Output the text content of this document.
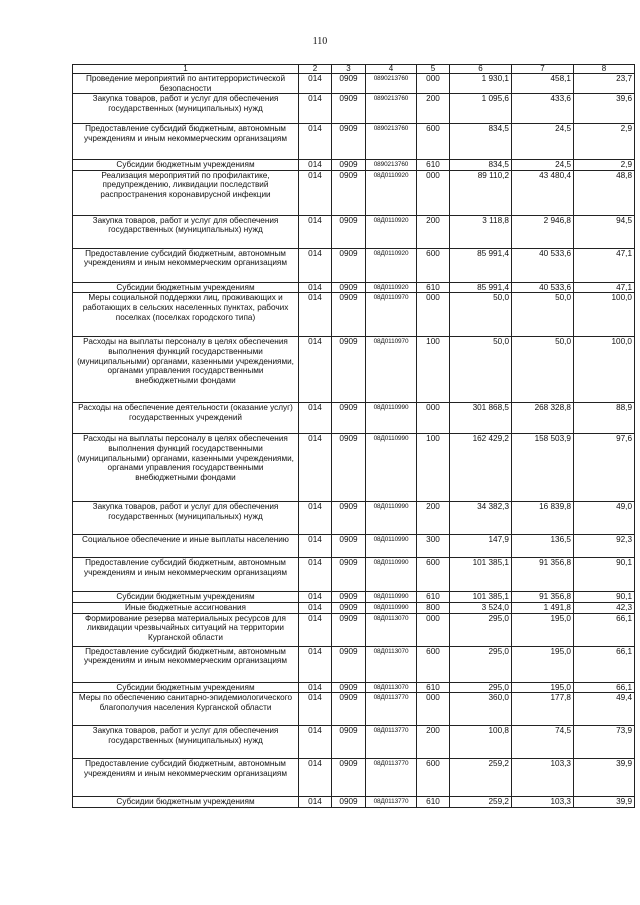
110
1	2	3	4	5	6	7	8
Проведение мероприятий по антитеррористической безопасности	014	0909	0890213760	000	1 930,1	458,1	23,7
Закупка товаров, работ и услуг для обеспечения государственных (муниципальных) нужд	014	0909	0890213760	200	1 095,6	433,6	39,6
Предоставление субсидий бюджетным, автономным учреждениям и иным некоммерческим организациям	014	0909	0890213760	600	834,5	24,5	2,9
Субсидии бюджетным учреждениям	014	0909	0890213760	610	834,5	24,5	2,9
Реализация мероприятий по профилактике, предупреждению, ликвидации последствий распространения коронавирусной инфекции	014	0909	08Д0110920	000	89 110,2	43 480,4	48,8
Закупка товаров, работ и услуг для обеспечения государственных (муниципальных) нужд	014	0909	08Д0110920	200	3 118,8	2 946,8	94,5
Предоставление субсидий бюджетным, автономным учреждениям и иным некоммерческим организациям	014	0909	08Д0110920	600	85 991,4	40 533,6	47,1
Субсидии бюджетным учреждениям	014	0909	08Д0110920	610	85 991,4	40 533,6	47,1
Меры социальной поддержки лиц, проживающих и работающих в сельских населенных пунктах, рабочих поселках (поселках городского типа)	014	0909	08Д0110970	000	50,0	50,0	100,0
Расходы на выплаты персоналу в целях обеспечения выполнения функций государственными (муниципальными) органами, казенными учреждениями, органами управления государственными внебюджетными фондами	014	0909	08Д0110970	100	50,0	50,0	100,0
Расходы на обеспечение деятельности (оказание услуг) государственных учреждений	014	0909	08Д0110990	000	301 868,5	268 328,8	88,9
Расходы на выплаты персоналу в целях обеспечения выполнения функций государственными (муниципальными) органами, казенными учреждениями, органами управления государственными внебюджетными фондами	014	0909	08Д0110990	100	162 429,2	158 503,9	97,6
Закупка товаров, работ и услуг для обеспечения государственных (муниципальных) нужд	014	0909	08Д0110990	200	34 382,3	16 839,8	49,0
Социальное обеспечение и иные выплаты населению	014	0909	08Д0110990	300	147,9	136,5	92,3
Предоставление субсидий бюджетным, автономным учреждениям и иным некоммерческим организациям	014	0909	08Д0110990	600	101 385,1	91 356,8	90,1
Субсидии бюджетным учреждениям	014	0909	08Д0110990	610	101 385,1	91 356,8	90,1
Иные бюджетные ассигнования	014	0909	08Д0110990	800	3 524,0	1 491,8	42,3
Формирование резерва материальных ресурсов для ликвидации чрезвычайных ситуаций на территории Курганской области	014	0909	08Д0113070	000	295,0	195,0	66,1
Предоставление субсидий бюджетным, автономным учреждениям и иным некоммерческим организациям	014	0909	08Д0113070	600	295,0	195,0	66,1
Субсидии бюджетным учреждениям	014	0909	08Д0113070	610	295,0	195,0	66,1
Меры по обеспечению санитарно-эпидемиологического благополучия населения Курганской области	014	0909	08Д0113770	000	360,0	177,8	49,4
Закупка товаров, работ и услуг для обеспечения государственных (муниципальных) нужд	014	0909	08Д0113770	200	100,8	74,5	73,9
Предоставление субсидий бюджетным, автономным учреждениям и иным некоммерческим организациям	014	0909	08Д0113770	600	259,2	103,3	39,9
Субсидии бюджетным учреждениям	014	0909	08Д0113770	610	259,2	103,3	39,9
